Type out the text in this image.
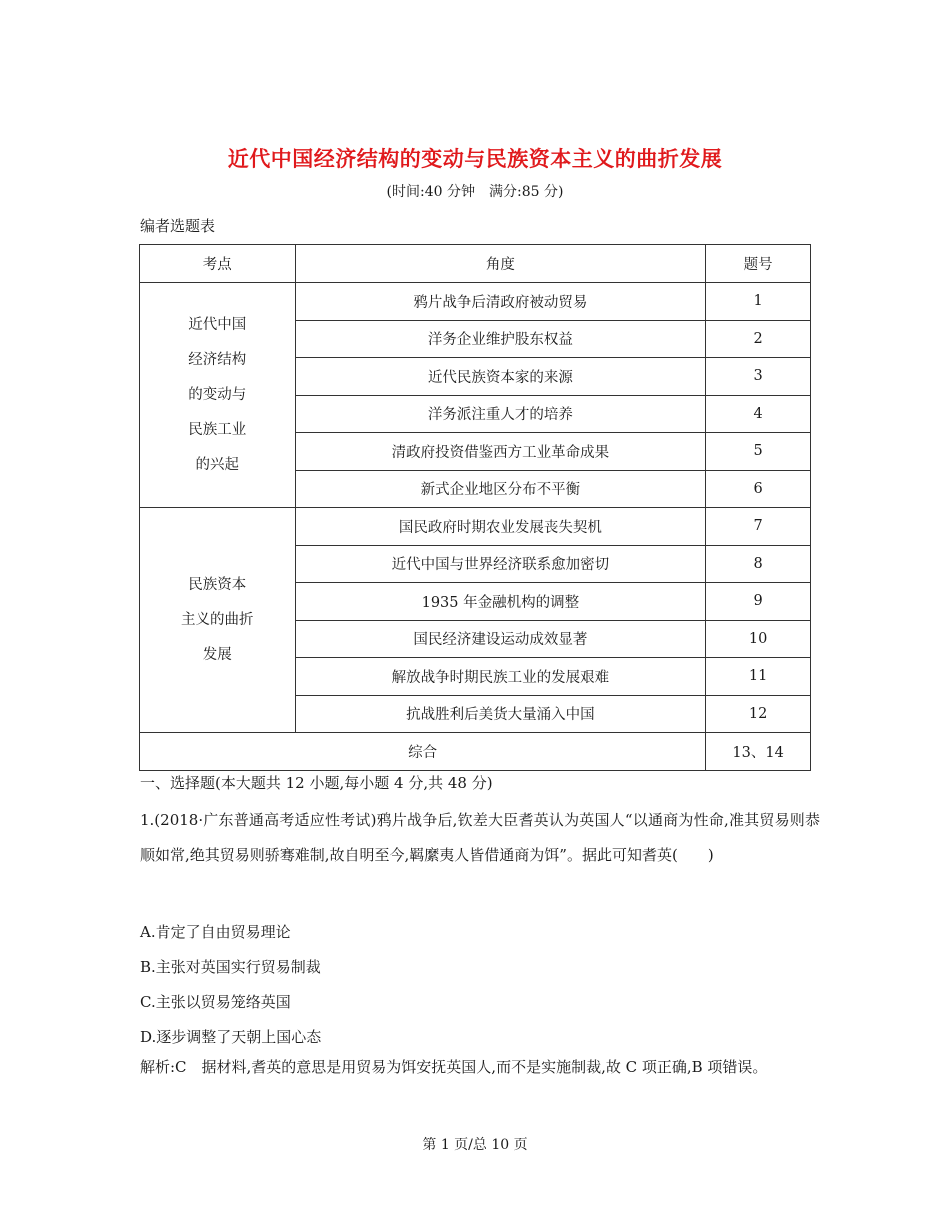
近代中国经济结构的变动与民族资本主义的曲折发展
(时间:40 分钟　满分:85 分)
编者选题表
考点	角度	题号

近代中国
经济结构
的变动与
民族工业
的兴起	鸦片战争后清政府被动贸易	1
	洋务企业维护股东权益	2
	近代民族资本家的来源	3
	洋务派注重人才的培养	4
	清政府投资借鉴西方工业革命成果	5
	新式企业地区分布不平衡	6

民族资本
主义的曲折
发展	国民政府时期农业发展丧失契机	7
	近代中国与世界经济联系愈加密切	8
	1935 年金融机构的调整	9
	国民经济建设运动成效显著	10
	解放战争时期民族工业的发展艰难	11
	抗战胜利后美货大量涌入中国	12
综合		13、14
一、选择题(本大题共 12 小题,每小题 4 分,共 48 分)
1.(2018·广东普通高考适应性考试)鸦片战争后,钦差大臣耆英认为英国人“以通商为性命,准其贸易则恭顺如常,绝其贸易则骄骞难制,故自明至今,羁縻夷人皆借通商为饵”。据此可知耆英(　　)
A.肯定了自由贸易理论
B.主张对英国实行贸易制裁
C.主张以贸易笼络英国
D.逐步调整了天朝上国心态
解析:C　据材料,耆英的意思是用贸易为饵安抚英国人,而不是实施制裁,故 C 项正确,B 项错误。
第 1 页/总 10 页
